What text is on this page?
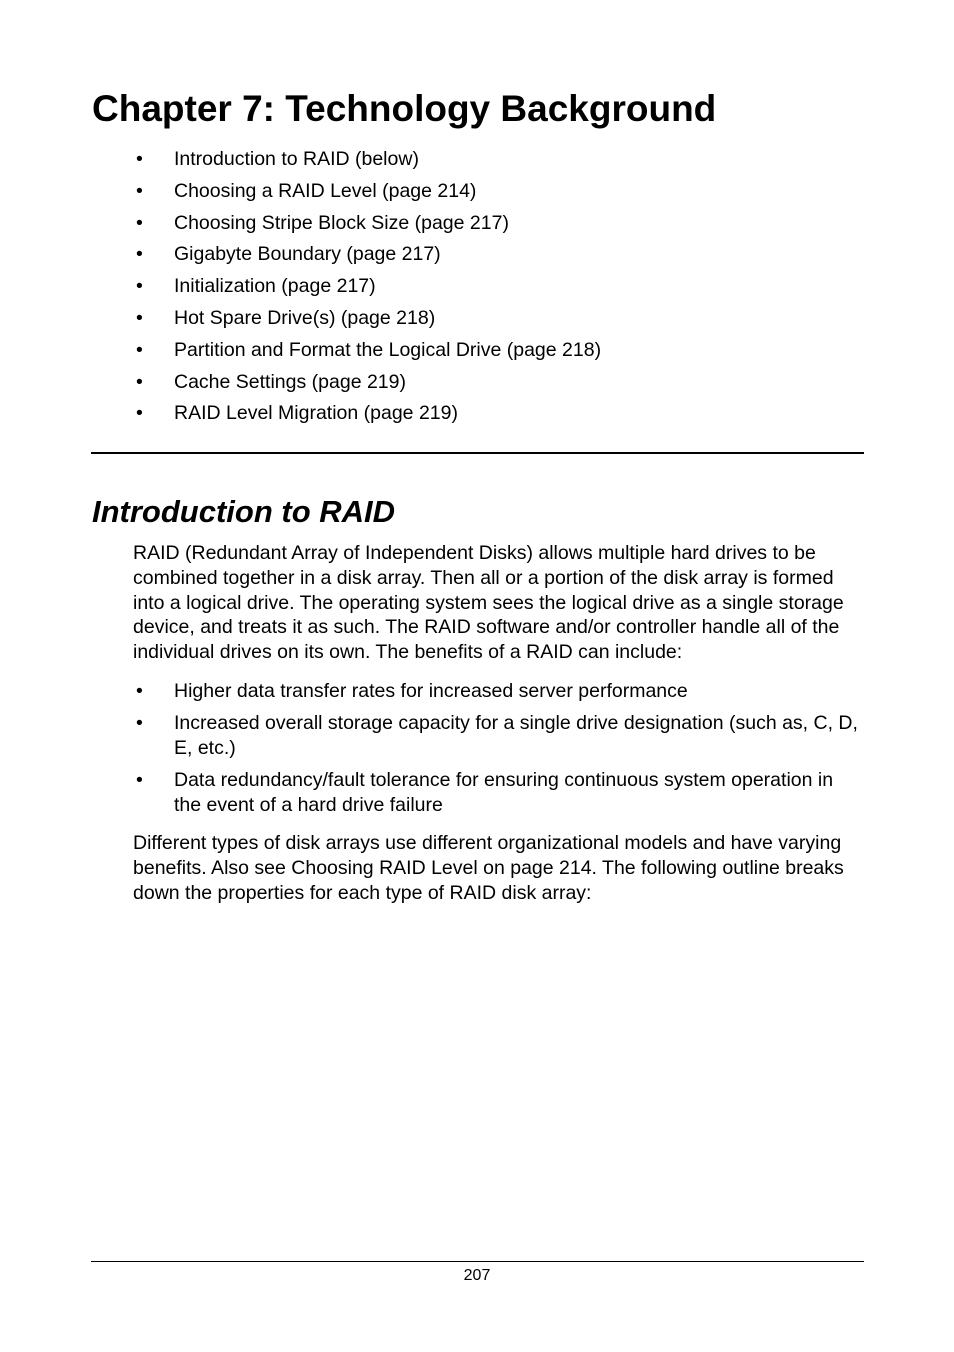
Chapter 7: Technology Background
• Introduction to RAID (below)
• Choosing a RAID Level (page 214)
• Choosing Stripe Block Size (page 217)
• Gigabyte Boundary (page 217)
• Initialization (page 217)
• Hot Spare Drive(s) (page 218)
• Partition and Format the Logical Drive (page 218)
• Cache Settings (page 219)
• RAID Level Migration (page 219)
Introduction to RAID

RAID (Redundant Array of Independent Disks) allows multiple hard drives to be combined together in a disk array. Then all or a portion of the disk array is formed into a logical drive. The operating system sees the logical drive as a single storage device, and treats it as such. The RAID software and/or controller handle all of the individual drives on its own. The benefits of a RAID can include:

• Higher data transfer rates for increased server performance
• Increased overall storage capacity for a single drive designation (such as, C, D, E, etc.)
• Data redundancy/fault tolerance for ensuring continuous system operation in the event of a hard drive failure

Different types of disk arrays use different organizational models and have varying benefits. Also see Choosing RAID Level on page 214. The following outline breaks down the properties for each type of RAID disk array:

207
